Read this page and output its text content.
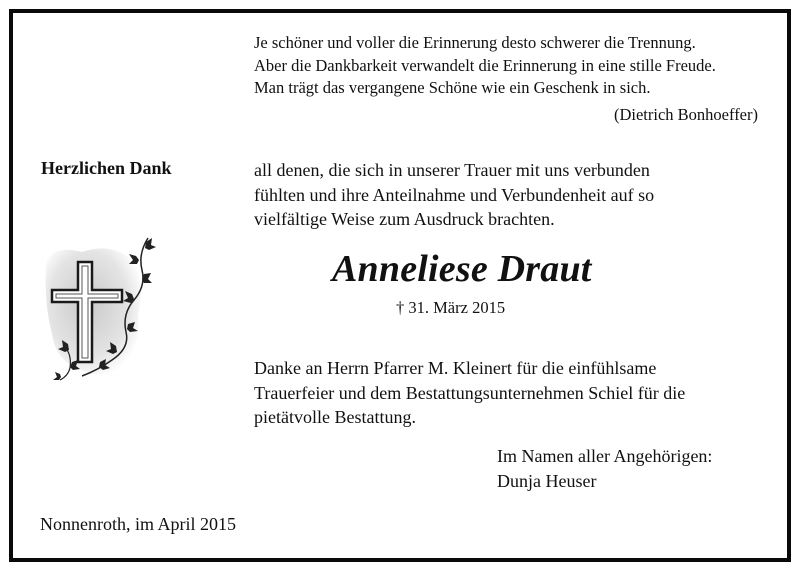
Je schöner und voller die Erinnerung desto schwerer die Trennung.
Aber die Dankbarkeit verwandelt die Erinnerung in eine stille Freude.
Man trägt das vergangene Schöne wie ein Geschenk in sich.
(Dietrich Bonhoeffer)
Herzlichen Dank	all denen, die sich in unserer Trauer mit uns verbunden
fühlten und ihre Anteilnahme und Verbundenheit auf so
vielfältige Weise zum Ausdruck brachten.
Anneliese Draut
† 31. März 2015
Danke an Herrn Pfarrer M. Kleinert für die einfühlsame
Trauerfeier und dem Bestattungsunternehmen Schiel für die
pietätvolle Bestattung.
Im Namen aller Angehörigen:
Dunja Heuser
Nonnenroth, im April 2015
